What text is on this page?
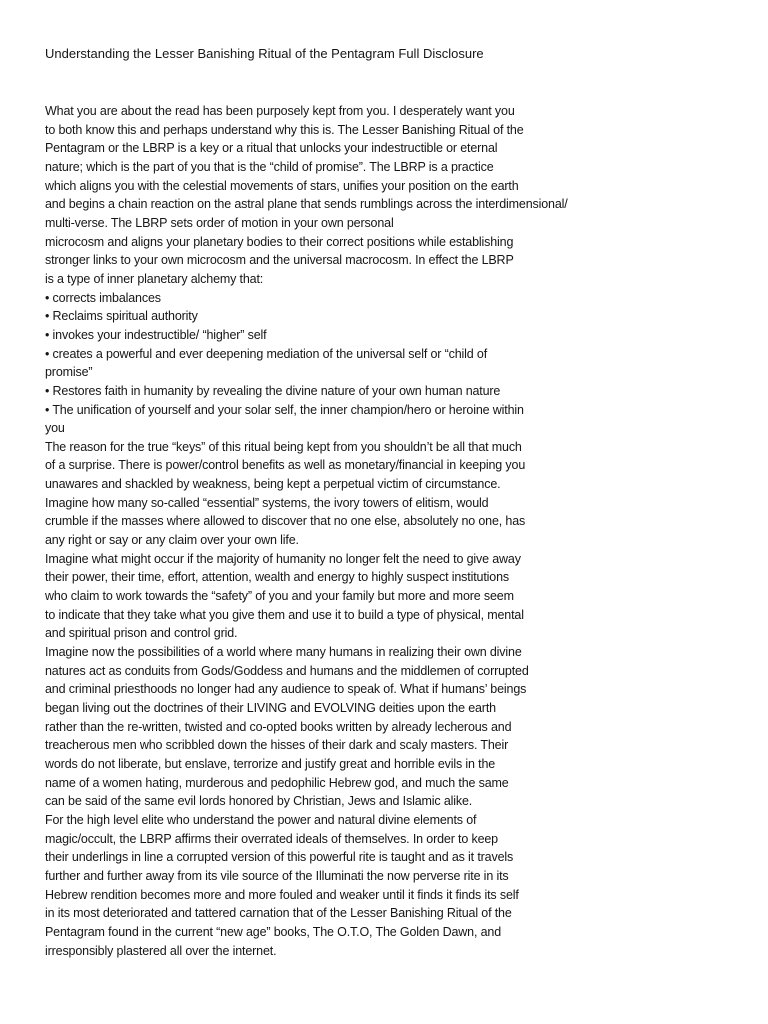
Understanding the Lesser Banishing Ritual of the Pentagram Full Disclosure
What you are about the read has been purposely kept from you. I desperately want you
to both know this and perhaps understand why this is. The Lesser Banishing Ritual of the
Pentagram or the LBRP is a key or a ritual that unlocks your indestructible or eternal
nature; which is the part of you that is the “child of promise”. The LBRP is a practice
which aligns you with the celestial movements of stars, unifies your position on the earth
and begins a chain reaction on the astral plane that sends rumblings across the interdimensional/
multi-verse. The LBRP sets order of motion in your own personal
microcosm and aligns your planetary bodies to their correct positions while establishing
stronger links to your own microcosm and the universal macrocosm. In effect the LBRP
is a type of inner planetary alchemy that:
• corrects imbalances
• Reclaims spiritual authority
• invokes your indestructible/ “higher” self
• creates a powerful and ever deepening mediation of the universal self or “child of
promise”
• Restores faith in humanity by revealing the divine nature of your own human nature
• The unification of yourself and your solar self, the inner champion/hero or heroine within
you
The reason for the true “keys” of this ritual being kept from you shouldn’t be all that much
of a surprise. There is power/control benefits as well as monetary/financial in keeping you
unawares and shackled by weakness, being kept a perpetual victim of circumstance.
Imagine how many so-called “essential” systems, the ivory towers of elitism, would
crumble if the masses where allowed to discover that no one else, absolutely no one, has
any right or say or any claim over your own life.
Imagine what might occur if the majority of humanity no longer felt the need to give away
their power, their time, effort, attention, wealth and energy to highly suspect institutions
who claim to work towards the “safety” of you and your family but more and more seem
to indicate that they take what you give them and use it to build a type of physical, mental
and spiritual prison and control grid.
Imagine now the possibilities of a world where many humans in realizing their own divine
natures act as conduits from Gods/Goddess and humans and the middlemen of corrupted
and criminal priesthoods no longer had any audience to speak of. What if humans’ beings
began living out the doctrines of their LIVING and EVOLVING deities upon the earth
rather than the re-written, twisted and co-opted books written by already lecherous and
treacherous men who scribbled down the hisses of their dark and scaly masters. Their
words do not liberate, but enslave, terrorize and justify great and horrible evils in the
name of a women hating, murderous and pedophilic Hebrew god, and much the same
can be said of the same evil lords honored by Christian, Jews and Islamic alike.
For the high level elite who understand the power and natural divine elements of
magic/occult, the LBRP affirms their overrated ideals of themselves. In order to keep
their underlings in line a corrupted version of this powerful rite is taught and as it travels
further and further away from its vile source of the Illuminati the now perverse rite in its
Hebrew rendition becomes more and more fouled and weaker until it finds it finds its self
in its most deteriorated and tattered carnation that of the Lesser Banishing Ritual of the
Pentagram found in the current “new age” books, The O.T.O, The Golden Dawn, and
irresponsibly plastered all over the internet.
